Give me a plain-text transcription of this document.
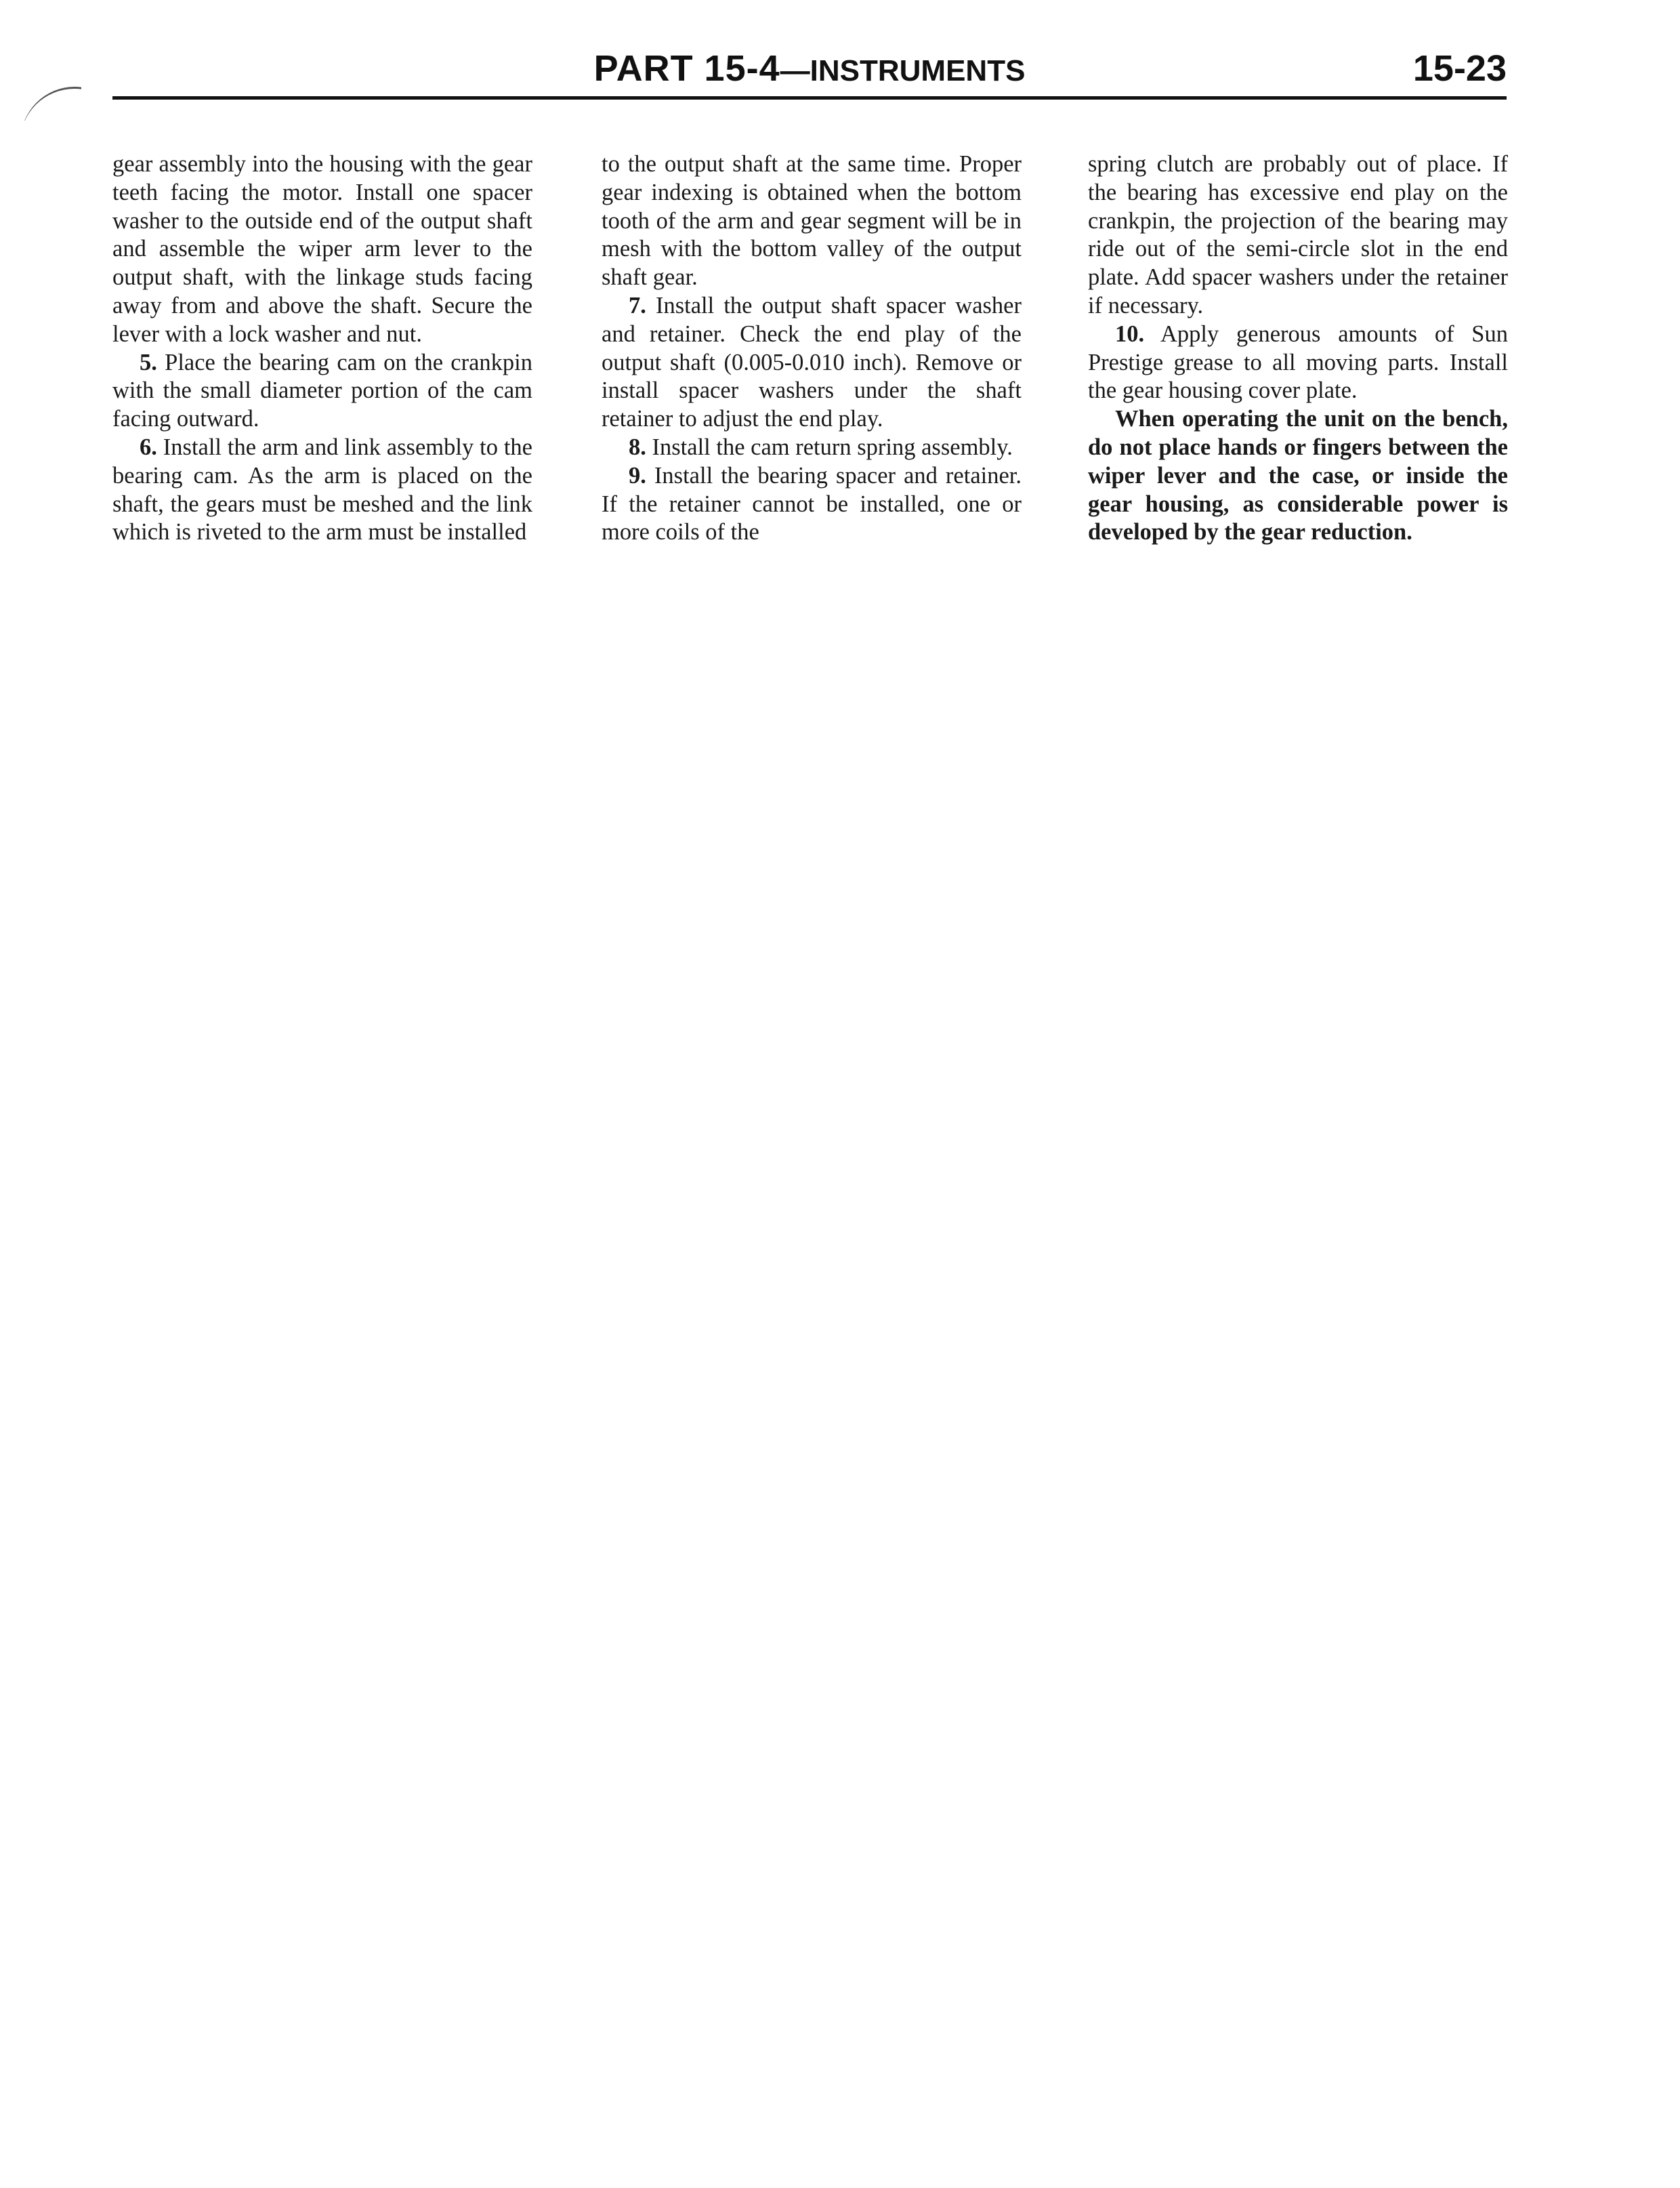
PART 15-4—INSTRUMENTS	15-23

gear assembly into the housing with the gear teeth facing the motor. Install one spacer washer to the outside end of the output shaft and assemble the wiper arm lever to the output shaft, with the linkage studs facing away from and above the shaft. Secure the lever with a lock washer and nut.

5. Place the bearing cam on the crankpin with the small diameter portion of the cam facing outward.

6. Install the arm and link assembly to the bearing cam. As the arm is placed on the shaft, the gears must be meshed and the link which is riveted to the arm must be installed

to the output shaft at the same time. Proper gear indexing is obtained when the bottom tooth of the arm and gear segment will be in mesh with the bottom valley of the output shaft gear.

7. Install the output shaft spacer washer and retainer. Check the end play of the output shaft (0.005-0.010 inch). Remove or install spacer washers under the shaft retainer to adjust the end play.

8. Install the cam return spring assembly.

9. Install the bearing spacer and retainer. If the retainer cannot be installed, one or more coils of the

spring clutch are probably out of place. If the bearing has excessive end play on the crankpin, the projection of the bearing may ride out of the semi-circle slot in the end plate. Add spacer washers under the retainer if necessary.

10. Apply generous amounts of Sun Prestige grease to all moving parts. Install the gear housing cover plate.

When operating the unit on the bench, do not place hands or fingers between the wiper lever and the case, or inside the gear housing, as considerable power is developed by the gear reduction.
